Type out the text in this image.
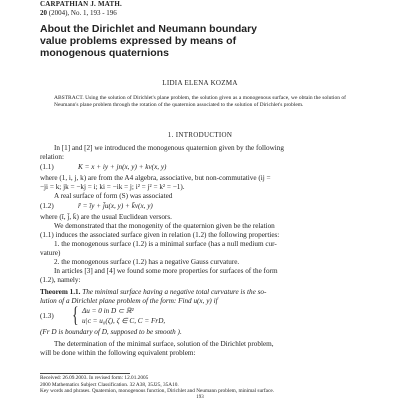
CARPATHIAN J. MATH.
20 (2004), No. 1, 193 - 196
About the Dirichlet and Neumann boundary
value problems expressed by means of
monogenous quaternions
LIDIA ELENA KOZMA
ABSTRACT. Using the solution of Dirichlet's plane problem, the solution given as a monogenous surface, we obtain the solution of Neumann's plane problem through the rotation of the quaternion associated to the solution of Dirichlet's problem.
1. INTRODUCTION
In [1] and [2] we introduced the monogenous quaternion given by the following
relation:
(1.1)	K = x + iy + jn(x, y) + kv(x, y)
where (1, i, j, k) are from the A4 algebra, associative, but non-commutative (ij =
−ji = k; jk = −kj = i; ki = −ik = j; i² = j² = k² = −1).
A real surface of form (S) was associated
(1.2)	r̄ = īy + j̄u(x, y) + k̄v(x, y)
where (ī, j̄, k̄) are the usual Euclidean versors.
We demonstrated that the monogenity of the quaternion given be the relation
(1.1) induces the associated surface given in relation (1.2) the following properties:
1. the monogenous surface (1.2) is a minimal surface (has a null medium cur-
vature)
2. the monogenous surface (1.2) has a negative Gauss curvature.
In articles [3] and [4] we found some more properties for surfaces of the form
(1.2), namely:
Theorem 1.1. The minimal surface having a negative total curvature is the so-
lution of a Dirichlet plane problem of the form: Find u(x, y) if
(1.3) { Δu = 0 in D ⊂ ℝ²
u|ᴄ = u₀(ζ), ζ ∈ C, C = FrD,
(Fr D is boundary of D, supposed to be smooth ).
The determination of the minimal surface, solution of the Dirichlet problem,
will be done within the following equivalent problem:
Received: 26.09.2003. In revised form: 12.01.2005
2000 Mathematics Subject Classification. 32 A38, 35J25, 35A10.
Key words and phrases. Quaternion, monogenous function, Dirichlet and Neumann problem, minimal surface.
193
